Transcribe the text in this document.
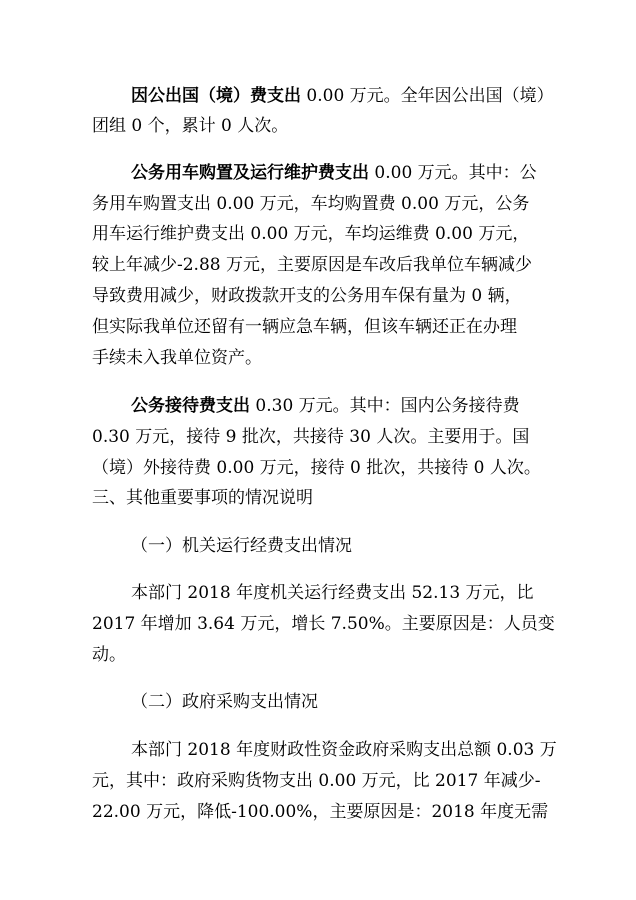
因公出国（境）费支出 0.00 万元。全年因公出国（境）
团组 0 个，累计 0 人次。
公务用车购置及运行维护费支出 0.00 万元。其中：公
务用车购置支出 0.00 万元，车均购置费 0.00 万元，公务
用车运行维护费支出 0.00 万元，车均运维费 0.00 万元，
较上年减少-2.88 万元，主要原因是车改后我单位车辆减少
导致费用减少，财政拨款开支的公务用车保有量为 0 辆，
但实际我单位还留有一辆应急车辆，但该车辆还正在办理
手续未入我单位资产。
公务接待费支出 0.30 万元。其中：国内公务接待费
0.30 万元，接待 9 批次，共接待 30 人次。主要用于。国
（境）外接待费 0.00 万元，接待 0 批次，共接待 0 人次。
三、其他重要事项的情况说明
（一）机关运行经费支出情况
本部门 2018 年度机关运行经费支出 52.13 万元，比
2017 年增加 3.64 万元，增长 7.50%。主要原因是：人员变
动。
（二）政府采购支出情况
本部门 2018 年度财政性资金政府采购支出总额 0.03 万
元，其中：政府采购货物支出 0.00 万元，比 2017 年减少-
22.00 万元，降低-100.00%，主要原因是：2018 年度无需
